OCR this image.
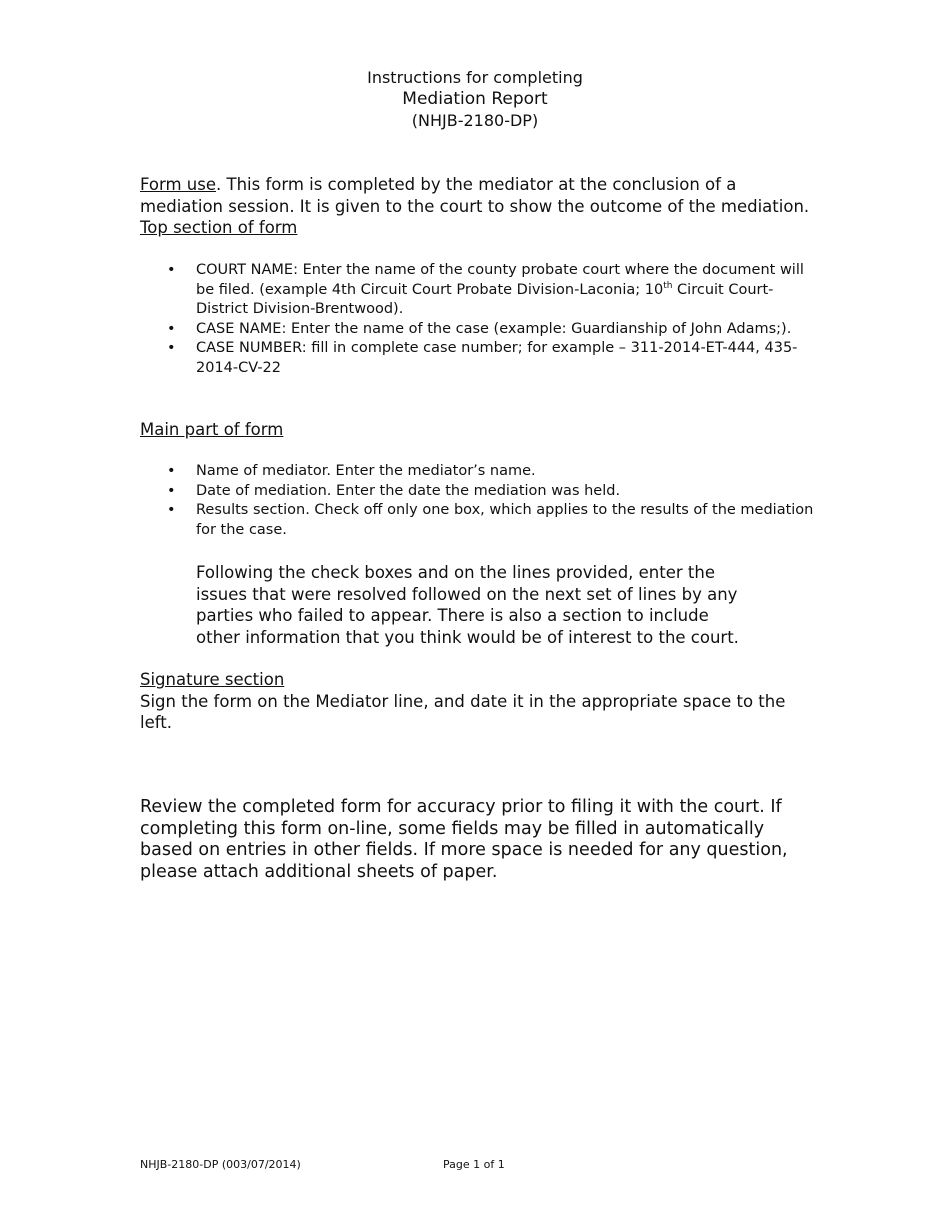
Instructions for completing
Mediation Report
(NHJB-2180-DP)

Form use. This form is completed by the mediator at the conclusion of a mediation session. It is given to the court to show the outcome of the mediation.

Top section of form

• COURT NAME: Enter the name of the county probate court where the document will be filed. (example 4th Circuit Court Probate Division-Laconia; 10th Circuit Court-District Division-Brentwood).
• CASE NAME: Enter the name of the case (example: Guardianship of John Adams;).
• CASE NUMBER: fill in complete case number; for example – 311-2014-ET-444, 435-2014-CV-22

Main part of form

• Name of mediator. Enter the mediator’s name.
• Date of mediation. Enter the date the mediation was held.
• Results section. Check off only one box, which applies to the results of the mediation for the case.

Following the check boxes and on the lines provided, enter the issues that were resolved followed on the next set of lines by any parties who failed to appear. There is also a section to include other information that you think would be of interest to the court.

Signature section

Sign the form on the Mediator line, and date it in the appropriate space to the left.

Review the completed form for accuracy prior to filing it with the court. If completing this form on-line, some fields may be filled in automatically based on entries in other fields. If more space is needed for any question, please attach additional sheets of paper.

NHJB-2180-DP (003/07/2014)	Page 1 of 1
